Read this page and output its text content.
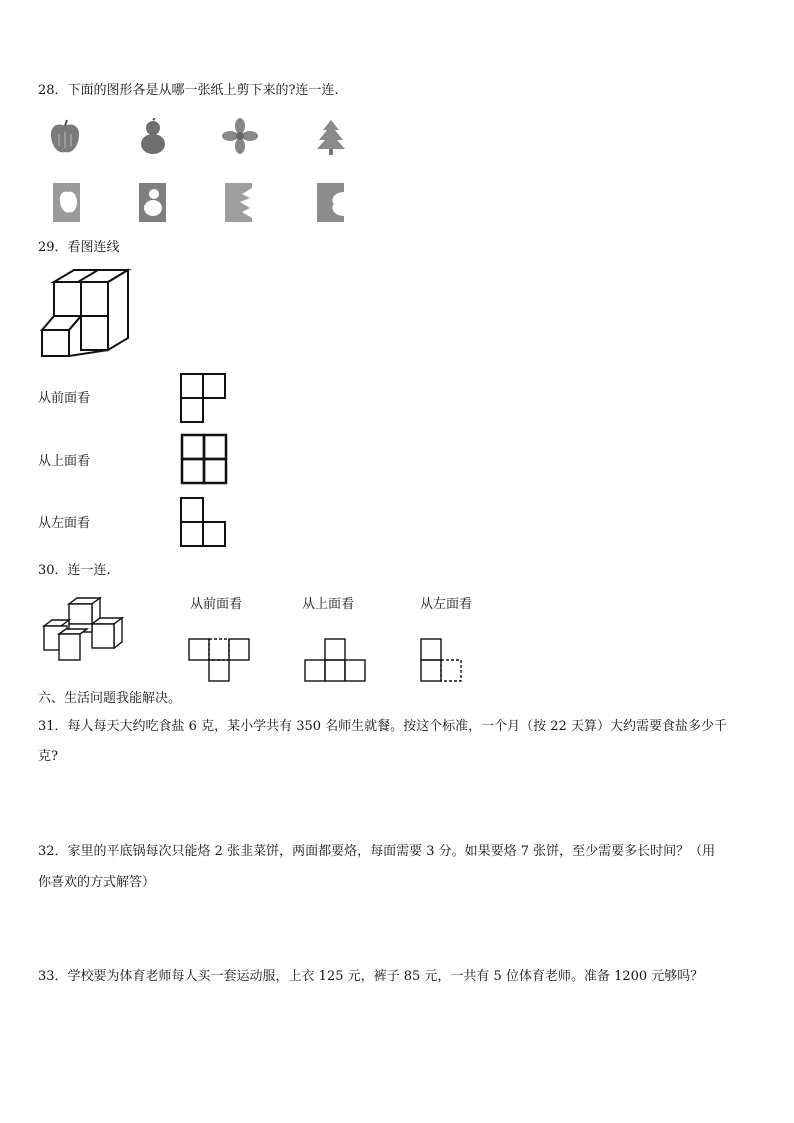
28．下面的图形各是从哪一张纸上剪下来的?连一连.
29．看图连线
从前面看
从上面看
从左面看
30．连一连.
从前面看	从上面看	从左面看
六、生活问题我能解决。
31．每人每天大约吃食盐 6 克，某小学共有 350 名师生就餐。按这个标准，一个月（按 22 天算）大约需要食盐多少千
克?
32．家里的平底锅每次只能烙 2 张韭菜饼，两面都要烙，每面需要 3 分。如果要烙 7 张饼，至少需要多长时间？（用
你喜欢的方式解答）
33．学校要为体育老师每人买一套运动服，上衣 125 元，裤子 85 元，一共有 5 位体育老师。准备 1200 元够吗？
